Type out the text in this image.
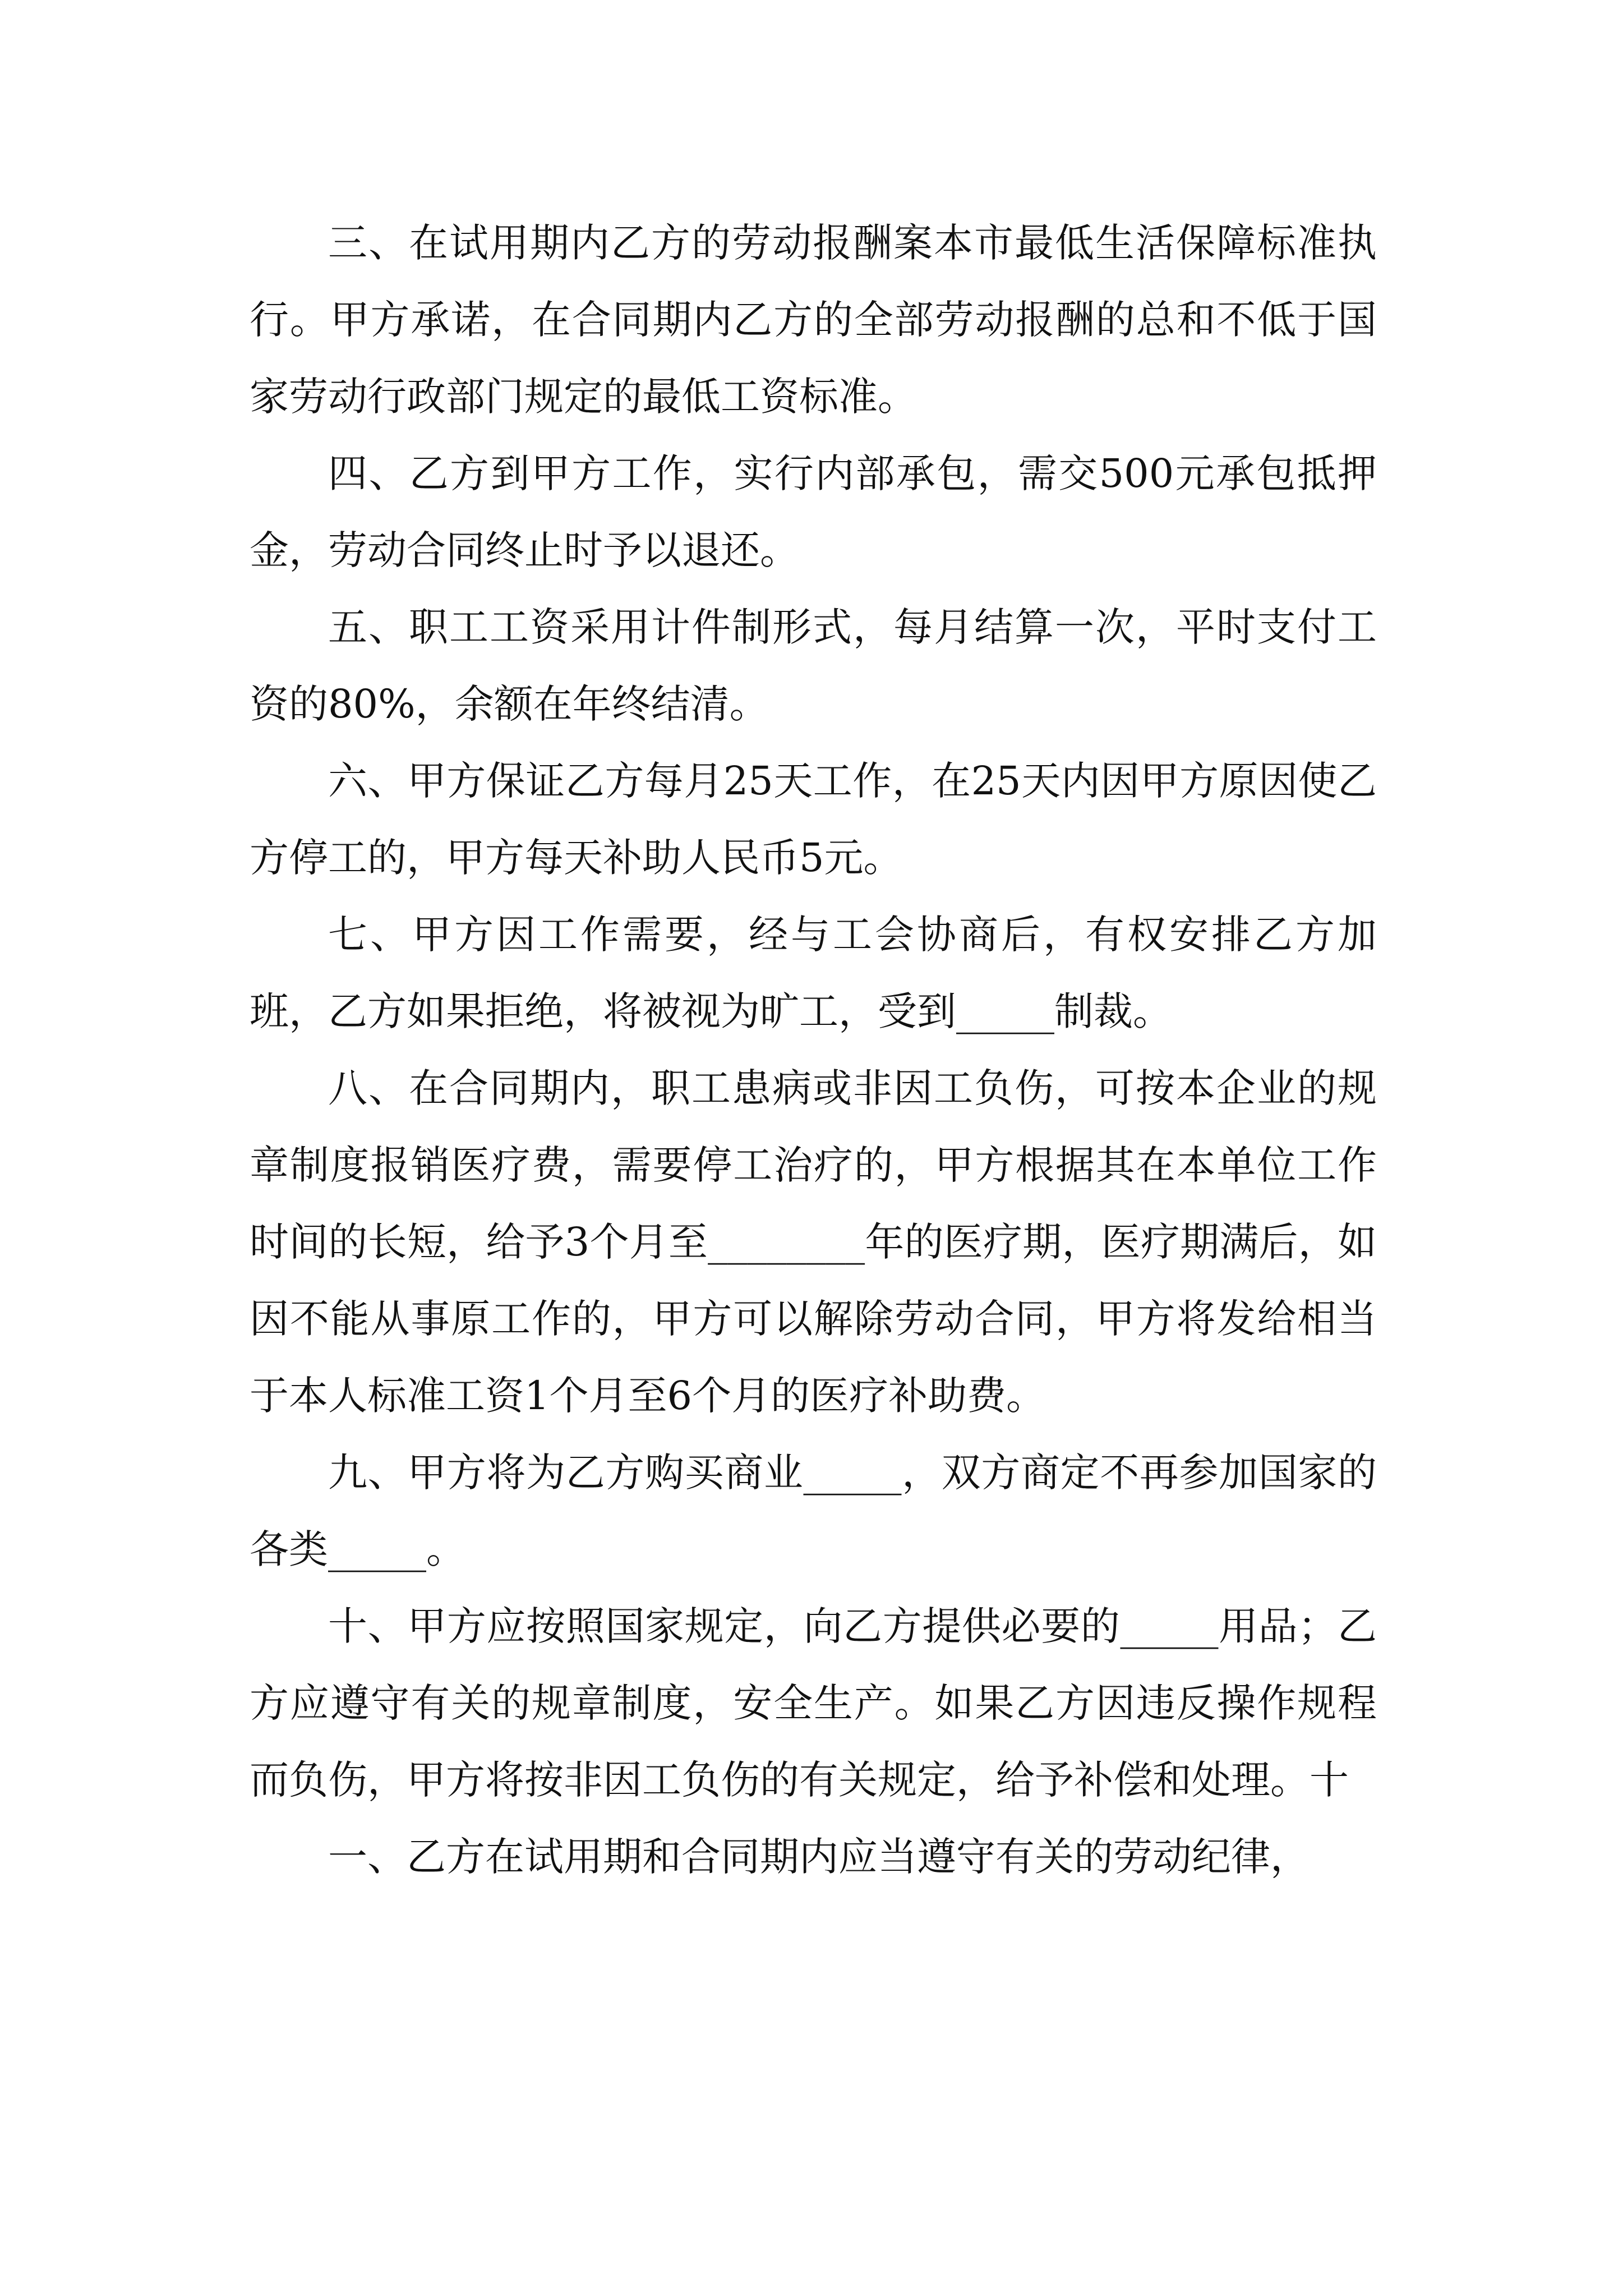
三、在试用期内乙方的劳动报酬案本市最低生活保障标准执行。甲方承诺，在合同期内乙方的全部劳动报酬的总和不低于国家劳动行政部门规定的最低工资标准。

四、乙方到甲方工作，实行内部承包，需交500元承包抵押金，劳动合同终止时予以退还。

五、职工工资采用计件制形式，每月结算一次，平时支付工资的80%，余额在年终结清。

六、甲方保证乙方每月25天工作，在25天内因甲方原因使乙方停工的，甲方每天补助人民币5元。

七、甲方因工作需要，经与工会协商后，有权安排乙方加班，乙方如果拒绝，将被视为旷工，受到_____制裁。

八、在合同期内，职工患病或非因工负伤，可按本企业的规章制度报销医疗费，需要停工治疗的，甲方根据其在本单位工作时间的长短，给予3个月至________年的医疗期，医疗期满后，如因不能从事原工作的，甲方可以解除劳动合同，甲方将发给相当于本人标准工资1个月至6个月的医疗补助费。

九、甲方将为乙方购买商业_____，双方商定不再参加国家的各类_____。

十、甲方应按照国家规定，向乙方提供必要的_____用品；乙方应遵守有关的规章制度，安全生产。如果乙方因违反操作规程而负伤，甲方将按非因工负伤的有关规定，给予补偿和处理。十

一、乙方在试用期和合同期内应当遵守有关的劳动纪律，
